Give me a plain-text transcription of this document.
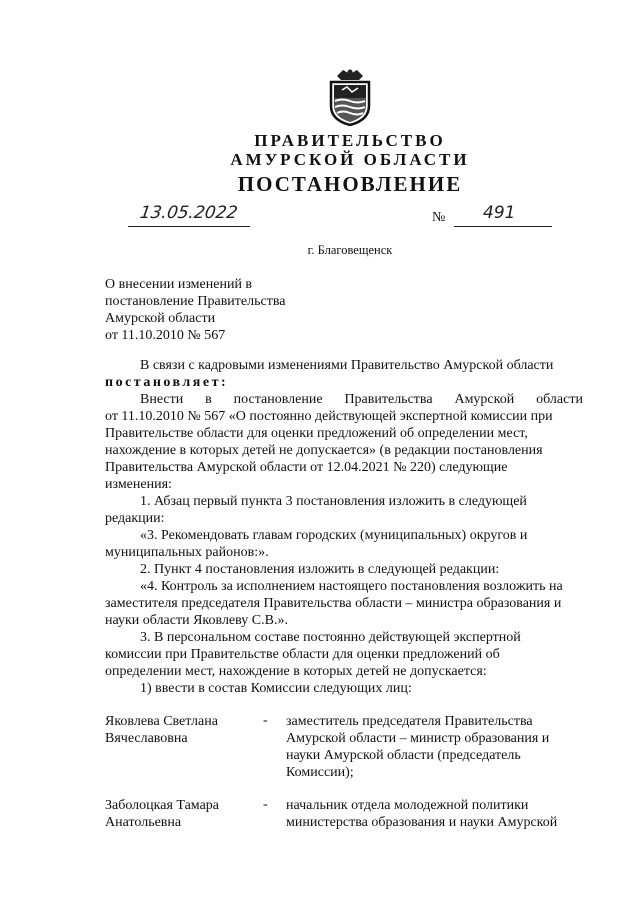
ПРАВИТЕЛЬСТВО
АМУРСКОЙ ОБЛАСТИ
ПОСТАНОВЛЕНИЕ
13.05.2022	№ 491
г. Благовещенск
О внесении изменений в
постановление Правительства
Амурской области
от 11.10.2010 № 567
В связи с кадровыми изменениями Правительство Амурской области
постановляет:
Внести в постановление Правительства Амурской области
от 11.10.2010 № 567 «О постоянно действующей экспертной комиссии при
Правительстве области для оценки предложений об определении мест,
нахождение в которых детей не допускается» (в редакции постановления
Правительства Амурской области от 12.04.2021 № 220) следующие
изменения:
1. Абзац первый пункта 3 постановления изложить в следующей
редакции:
«3. Рекомендовать главам городских (муниципальных) округов и
муниципальных районов:».
2. Пункт 4 постановления изложить в следующей редакции:
«4. Контроль за исполнением настоящего постановления возложить на
заместителя председателя Правительства области – министра образования и
науки области Яковлеву С.В.».
3. В персональном составе постоянно действующей экспертной
комиссии при Правительстве области для оценки предложений об
определении мест, нахождение в которых детей не допускается:
1) ввести в состав Комиссии следующих лиц:
Яковлева Светлана
Вячеславовна
- заместитель председателя Правительства
Амурской области – министр образования и
науки Амурской области (председатель
Комиссии);
Заболоцкая Тамара
Анатольевна
- начальник отдела молодежной политики
министерства образования и науки Амурской
